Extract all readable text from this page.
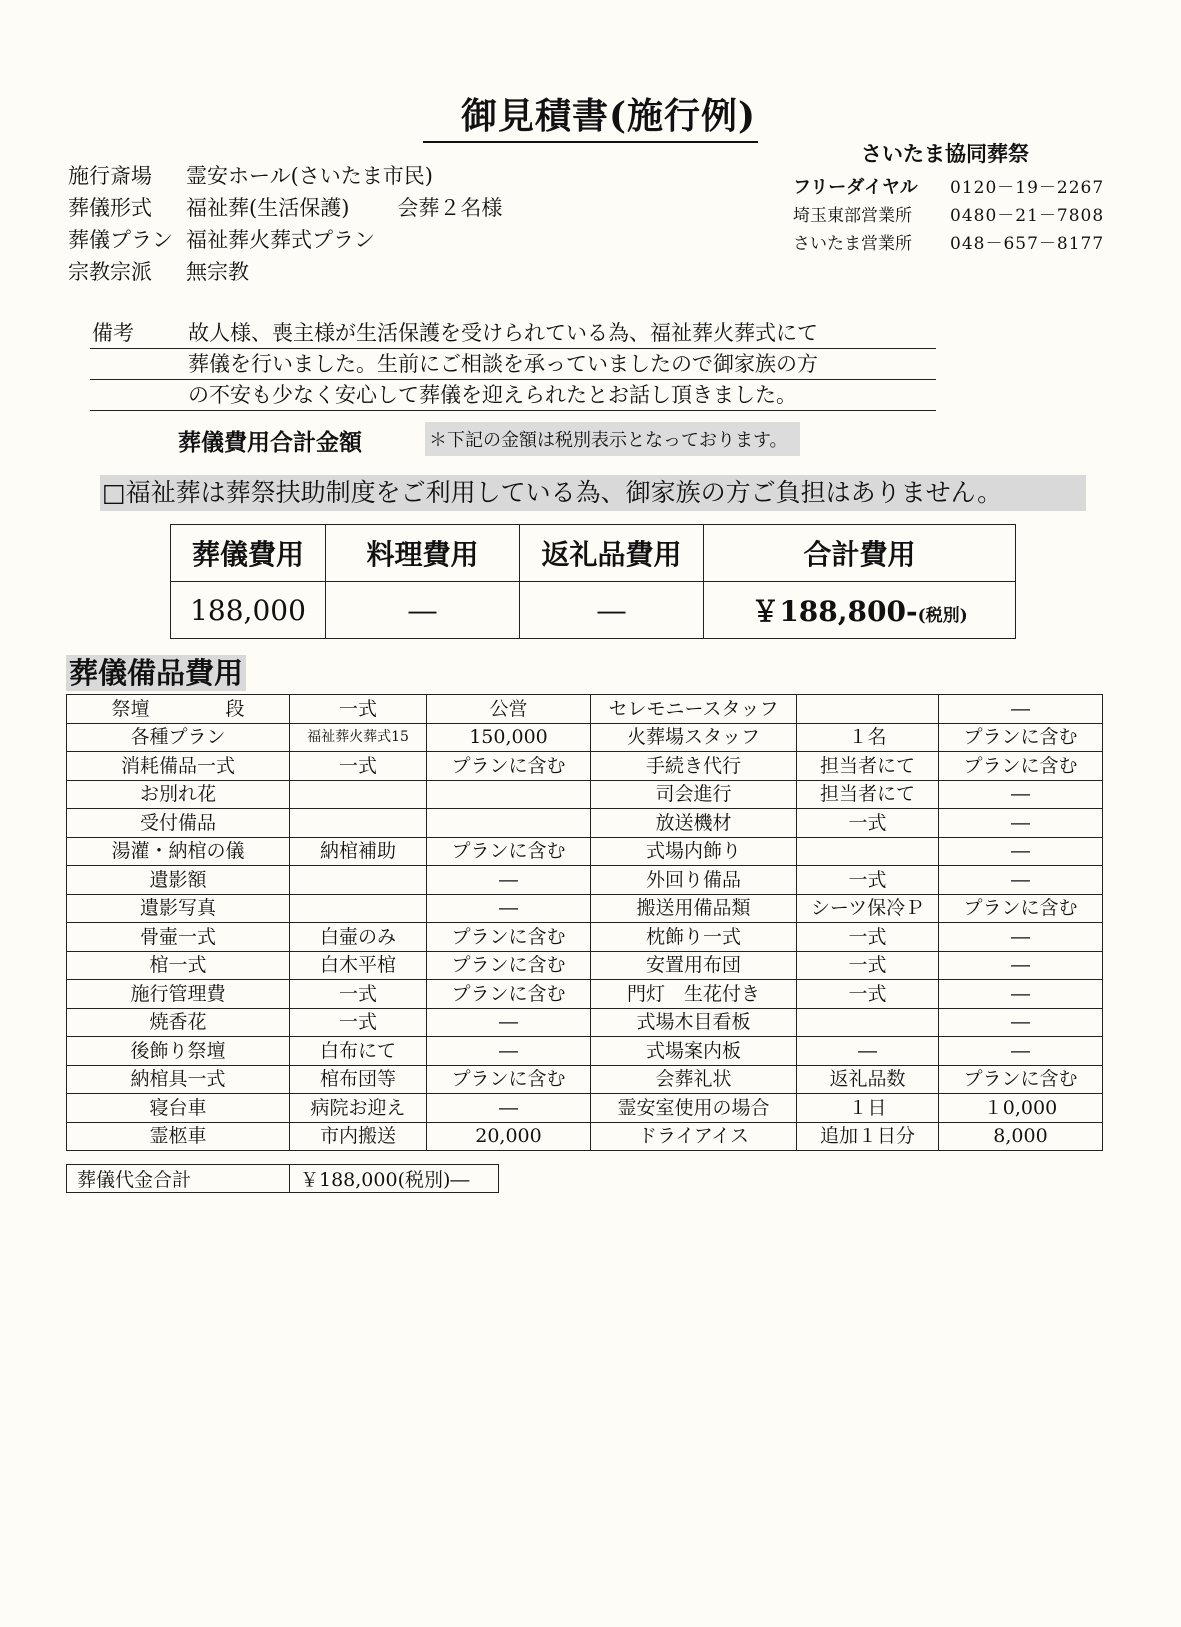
御見積書(施行例)
施行斎場	霊安ホール(さいたま市民)
葬儀形式	福祉葬(生活保護) 会葬２名様
葬儀プラン 福祉葬火葬式プラン
宗教宗派	無宗教
さいたま協同葬祭
フリーダイヤル	0120－19－2267
埼玉東部営業所	0480－21－7808
さいたま営業所	048－657－8177
備考	故人様、喪主様が生活保護を受けられている為、福祉葬火葬式にて
葬儀を行いました。生前にご相談を承っていましたので御家族の方
の不安も少なく安心して葬儀を迎えられたとお話し頂きました。
葬儀費用合計金額	＊下記の金額は税別表示となっております。
□福祉葬は葬祭扶助制度をご利用している為、御家族の方ご負担はありません。
葬儀費用	料理費用	返礼品費用	合計費用
188,000	―	―	￥188,800-(税別)
葬儀備品費用
祭壇　　　　段	一式	公営	セレモニースタッフ		―
各種プラン	福祉葬火葬式15	150,000	火葬場スタッフ	１名	プランに含む
消耗備品一式	一式	プランに含む	手続き代行	担当者にて	プランに含む
お別れ花			司会進行	担当者にて	―
受付備品			放送機材	一式	―
湯灌・納棺の儀	納棺補助	プランに含む	式場内飾り		―
遺影額		―	外回り備品	一式	―
遺影写真		―	搬送用備品類	シーツ保冷Ｐ	プランに含む
骨壷一式	白壷のみ	プランに含む	枕飾り一式	一式	―
棺一式	白木平棺	プランに含む	安置用布団	一式	―
施行管理費	一式	プランに含む	門灯　生花付き	一式	―
焼香花	一式	―	式場木目看板		―
後飾り祭壇	白布にて	―	式場案内板	―	―
納棺具一式	棺布団等	プランに含む	会葬礼状	返礼品数	プランに含む
寝台車	病院お迎え	―	霊安室使用の場合	１日	１0,000
霊柩車	市内搬送	20,000	ドライアイス	追加１日分	8,000
葬儀代金合計	￥188,000(税別)―
